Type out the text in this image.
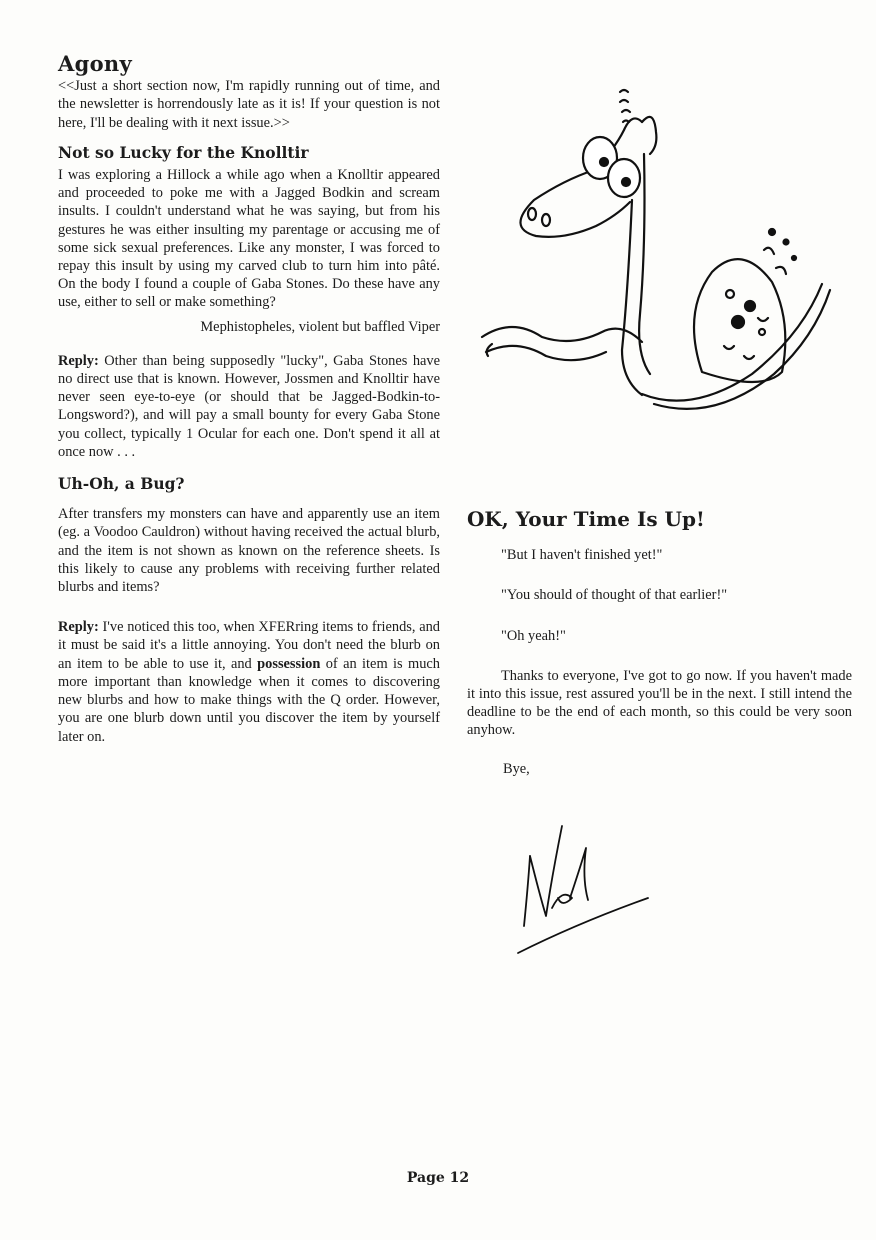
Agony

<<Just a short section now, I'm rapidly running out of time, and the newsletter is horrendously late as it is! If your question is not here, I'll be dealing with it next issue.>>

Not so Lucky for the Knolltir

I was exploring a Hillock a while ago when a Knolltir appeared and proceeded to poke me with a Jagged Bodkin and scream insults. I couldn't understand what he was saying, but from his gestures he was either insulting my parentage or accusing me of some sick sexual preferences. Like any monster, I was forced to repay this insult by using my carved club to turn him into pâté. On the body I found a couple of Gaba Stones. Do these have any use, either to sell or make something?

Mephistopheles, violent but baffled Viper

Reply: Other than being supposedly "lucky", Gaba Stones have no direct use that is known. However, Jossmen and Knolltir have never seen eye-to-eye (or should that be Jagged-Bodkin-to-Longsword?), and will pay a small bounty for every Gaba Stone you collect, typically 1 Ocular for each one. Don't spend it all at once now . . .

Uh-Oh, a Bug?

After transfers my monsters can have and apparently use an item (eg. a Voodoo Cauldron) without having received the actual blurb, and the item is not shown as known on the reference sheets. Is this likely to cause any problems with receiving further related blurbs and items?

Reply: I've noticed this too, when XFERring items to friends, and it must be said it's a little annoying. You don't need the blurb on an item to be able to use it, and possession of an item is much more important than knowledge when it comes to discovering new blurbs and how to make things with the Q order. However, you are one blurb down until you discover the item by yourself later on.

OK, Your Time Is Up!

"But I haven't finished yet!"

"You should of thought of that earlier!"

"Oh yeah!"

Thanks to everyone, I've got to go now. If you haven't made it into this issue, rest assured you'll be in the next. I still intend the deadline to be the end of each month, so this could be very soon anyhow.

Bye,

Page 12
